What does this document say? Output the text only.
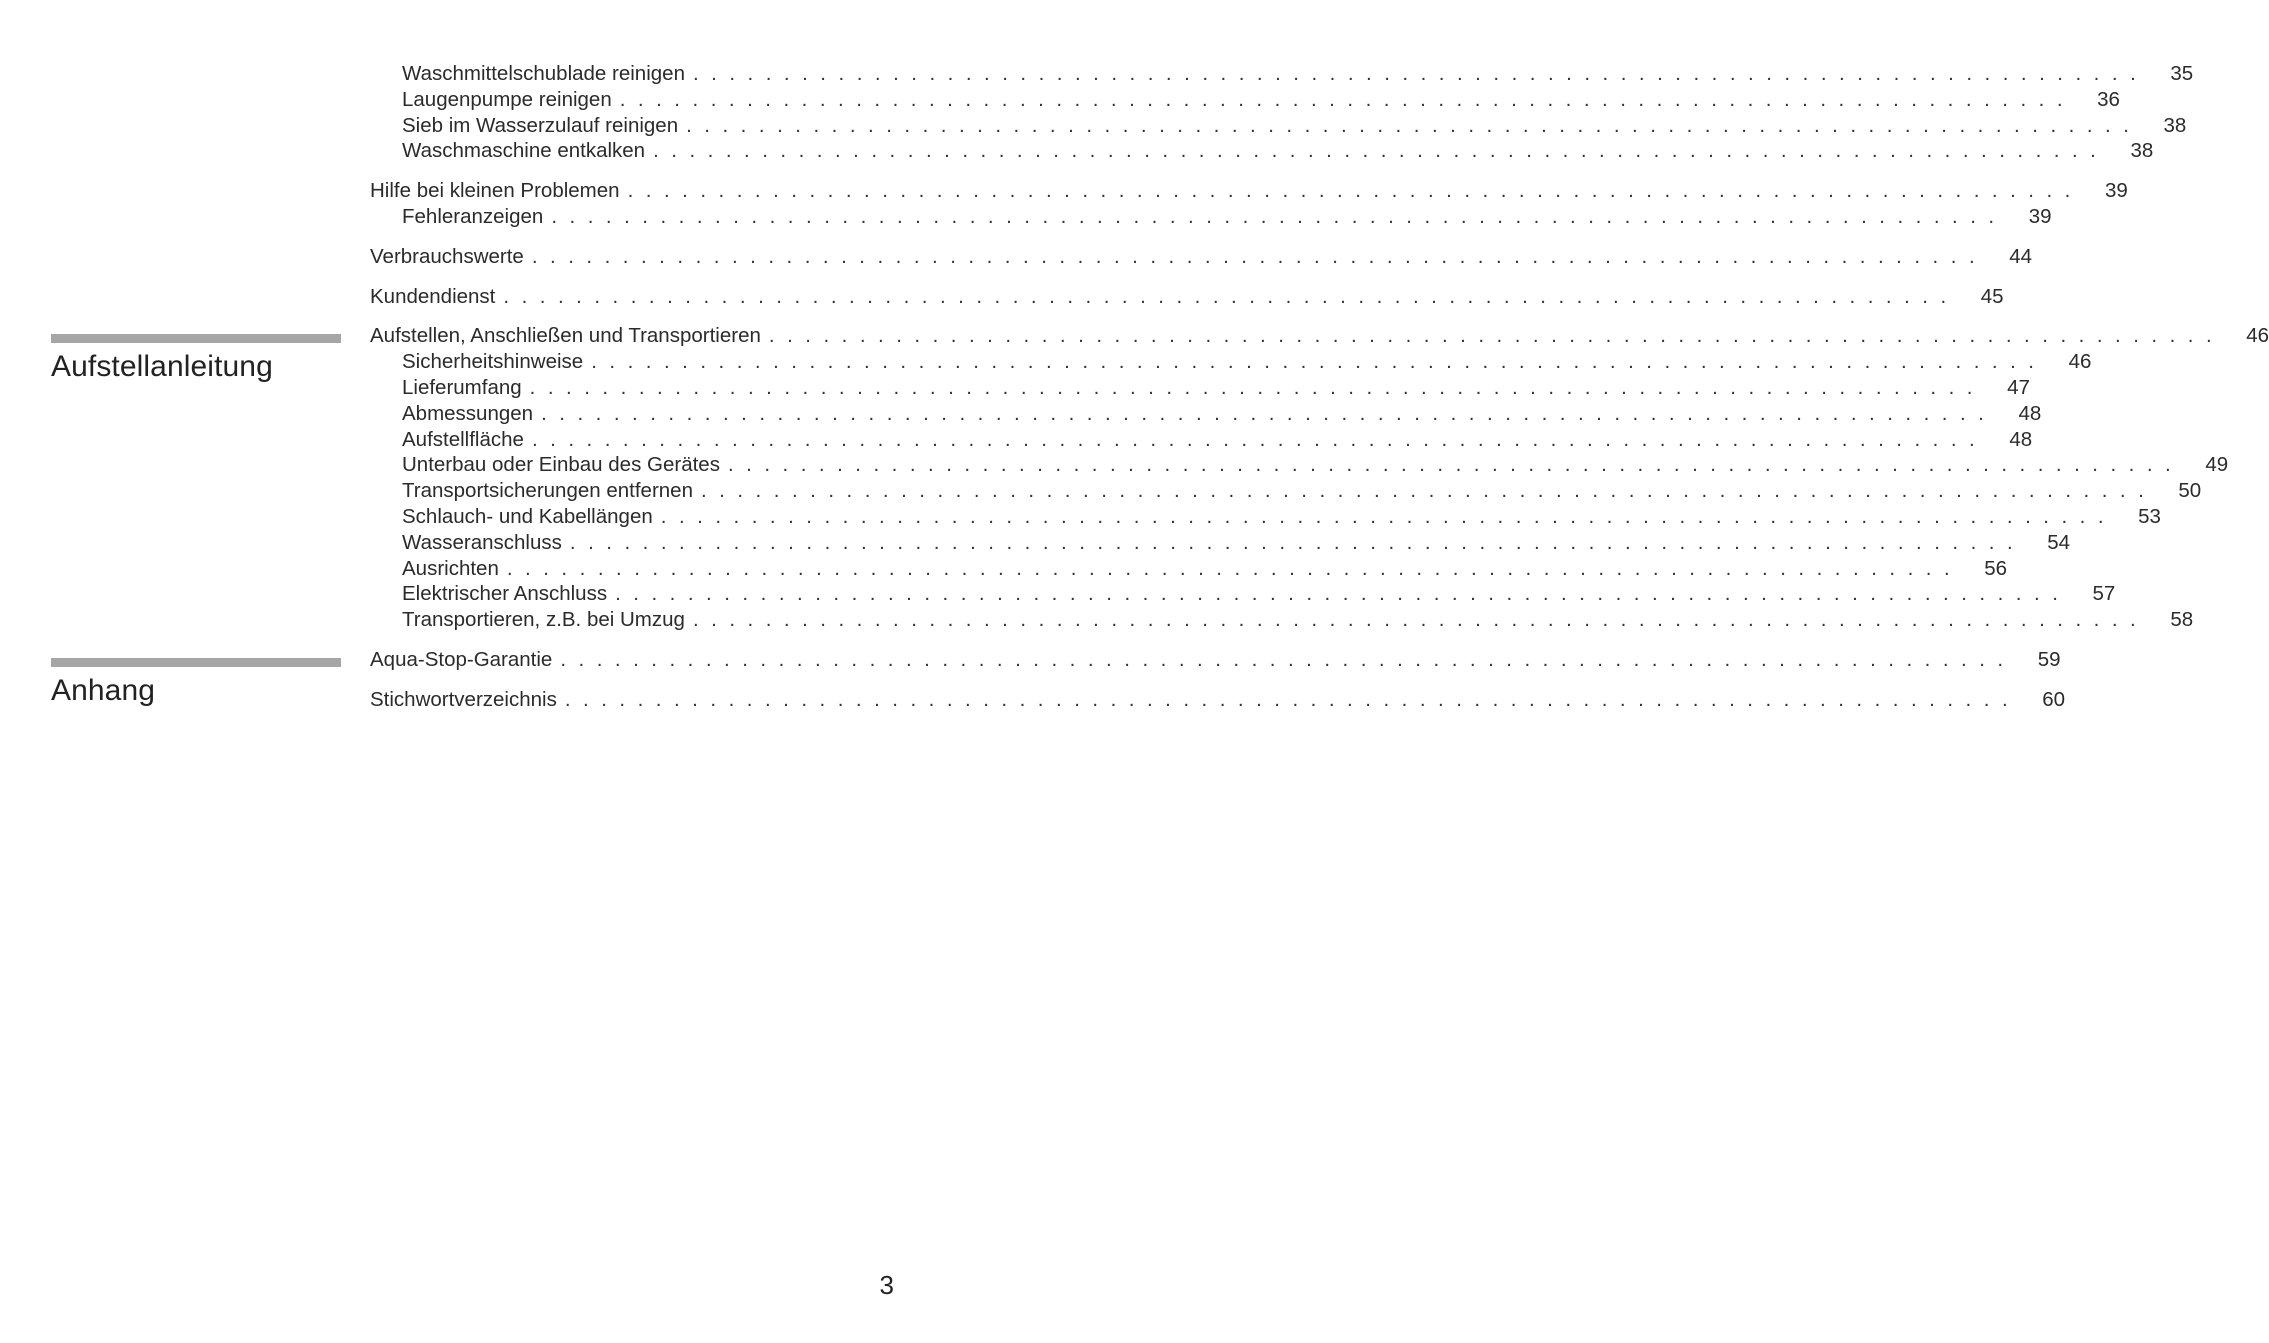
Aufstellanleitung
Anhang
Waschmittelschublade reinigen . . . . . . . . . . . . . . . . . . . . . . . . . . . . . . . . . . . . . . . . . . . . . . . . . . . . . . . . . . . . . . . . . . . . . . . . . . . . . . . .	35
Laugenpumpe reinigen . . . . . . . . . . . . . . . . . . . . . . . . . . . . . . . . . . . . . . . . . . . . . . . . . . . . . . . . . . . . . . . . . . . . . . . . . . . . . . . .	36
Sieb im Wasserzulauf reinigen . . . . . . . . . . . . . . . . . . . . . . . . . . . . . . . . . . . . . . . . . . . . . . . . . . . . . . . . . . . . . . . . . . . . . . . . . . . . . . . .	38
Waschmaschine entkalken . . . . . . . . . . . . . . . . . . . . . . . . . . . . . . . . . . . . . . . . . . . . . . . . . . . . . . . . . . . . . . . . . . . . . . . . . . . . . . . .	38
Hilfe bei kleinen Problemen . . . . . . . . . . . . . . . . . . . . . . . . . . . . . . . . . . . . . . . . . . . . . . . . . . . . . . . . . . . . . . . . . . . . . . . . . . . . . . . .	39
Fehleranzeigen . . . . . . . . . . . . . . . . . . . . . . . . . . . . . . . . . . . . . . . . . . . . . . . . . . . . . . . . . . . . . . . . . . . . . . . . . . . . . . . .	39
Verbrauchswerte . . . . . . . . . . . . . . . . . . . . . . . . . . . . . . . . . . . . . . . . . . . . . . . . . . . . . . . . . . . . . . . . . . . . . . . . . . . . . . . .	44
Kundendienst . . . . . . . . . . . . . . . . . . . . . . . . . . . . . . . . . . . . . . . . . . . . . . . . . . . . . . . . . . . . . . . . . . . . . . . . . . . . . . . .	45
Aufstellen, Anschließen und Transportieren . . . . . . . . . . . . . . . . . . . . . . . . . . . . . . . . . . . . . . . . . . . . . . . . . . . . . . . . . . . . . . . . . . . . . . . . . . . . . . . .	46
Sicherheitshinweise . . . . . . . . . . . . . . . . . . . . . . . . . . . . . . . . . . . . . . . . . . . . . . . . . . . . . . . . . . . . . . . . . . . . . . . . . . . . . . . .	46
Lieferumfang . . . . . . . . . . . . . . . . . . . . . . . . . . . . . . . . . . . . . . . . . . . . . . . . . . . . . . . . . . . . . . . . . . . . . . . . . . . . . . . .	47
Abmessungen . . . . . . . . . . . . . . . . . . . . . . . . . . . . . . . . . . . . . . . . . . . . . . . . . . . . . . . . . . . . . . . . . . . . . . . . . . . . . . . .	48
Aufstellfläche . . . . . . . . . . . . . . . . . . . . . . . . . . . . . . . . . . . . . . . . . . . . . . . . . . . . . . . . . . . . . . . . . . . . . . . . . . . . . . . .	48
Unterbau oder Einbau des Gerätes . . . . . . . . . . . . . . . . . . . . . . . . . . . . . . . . . . . . . . . . . . . . . . . . . . . . . . . . . . . . . . . . . . . . . . . . . . . . . . . .	49
Transportsicherungen entfernen . . . . . . . . . . . . . . . . . . . . . . . . . . . . . . . . . . . . . . . . . . . . . . . . . . . . . . . . . . . . . . . . . . . . . . . . . . . . . . . .	50
Schlauch- und Kabellängen . . . . . . . . . . . . . . . . . . . . . . . . . . . . . . . . . . . . . . . . . . . . . . . . . . . . . . . . . . . . . . . . . . . . . . . . . . . . . . . .	53
Wasseranschluss . . . . . . . . . . . . . . . . . . . . . . . . . . . . . . . . . . . . . . . . . . . . . . . . . . . . . . . . . . . . . . . . . . . . . . . . . . . . . . . .	54
Ausrichten . . . . . . . . . . . . . . . . . . . . . . . . . . . . . . . . . . . . . . . . . . . . . . . . . . . . . . . . . . . . . . . . . . . . . . . . . . . . . . . .	56
Elektrischer Anschluss . . . . . . . . . . . . . . . . . . . . . . . . . . . . . . . . . . . . . . . . . . . . . . . . . . . . . . . . . . . . . . . . . . . . . . . . . . . . . . . .	57
Transportieren, z.B. bei Umzug . . . . . . . . . . . . . . . . . . . . . . . . . . . . . . . . . . . . . . . . . . . . . . . . . . . . . . . . . . . . . . . . . . . . . . . . . . . . . . . .	58
Aqua-Stop-Garantie . . . . . . . . . . . . . . . . . . . . . . . . . . . . . . . . . . . . . . . . . . . . . . . . . . . . . . . . . . . . . . . . . . . . . . . . . . . . . . . .	59
Stichwortverzeichnis . . . . . . . . . . . . . . . . . . . . . . . . . . . . . . . . . . . . . . . . . . . . . . . . . . . . . . . . . . . . . . . . . . . . . . . . . . . . . . . .	60
3
